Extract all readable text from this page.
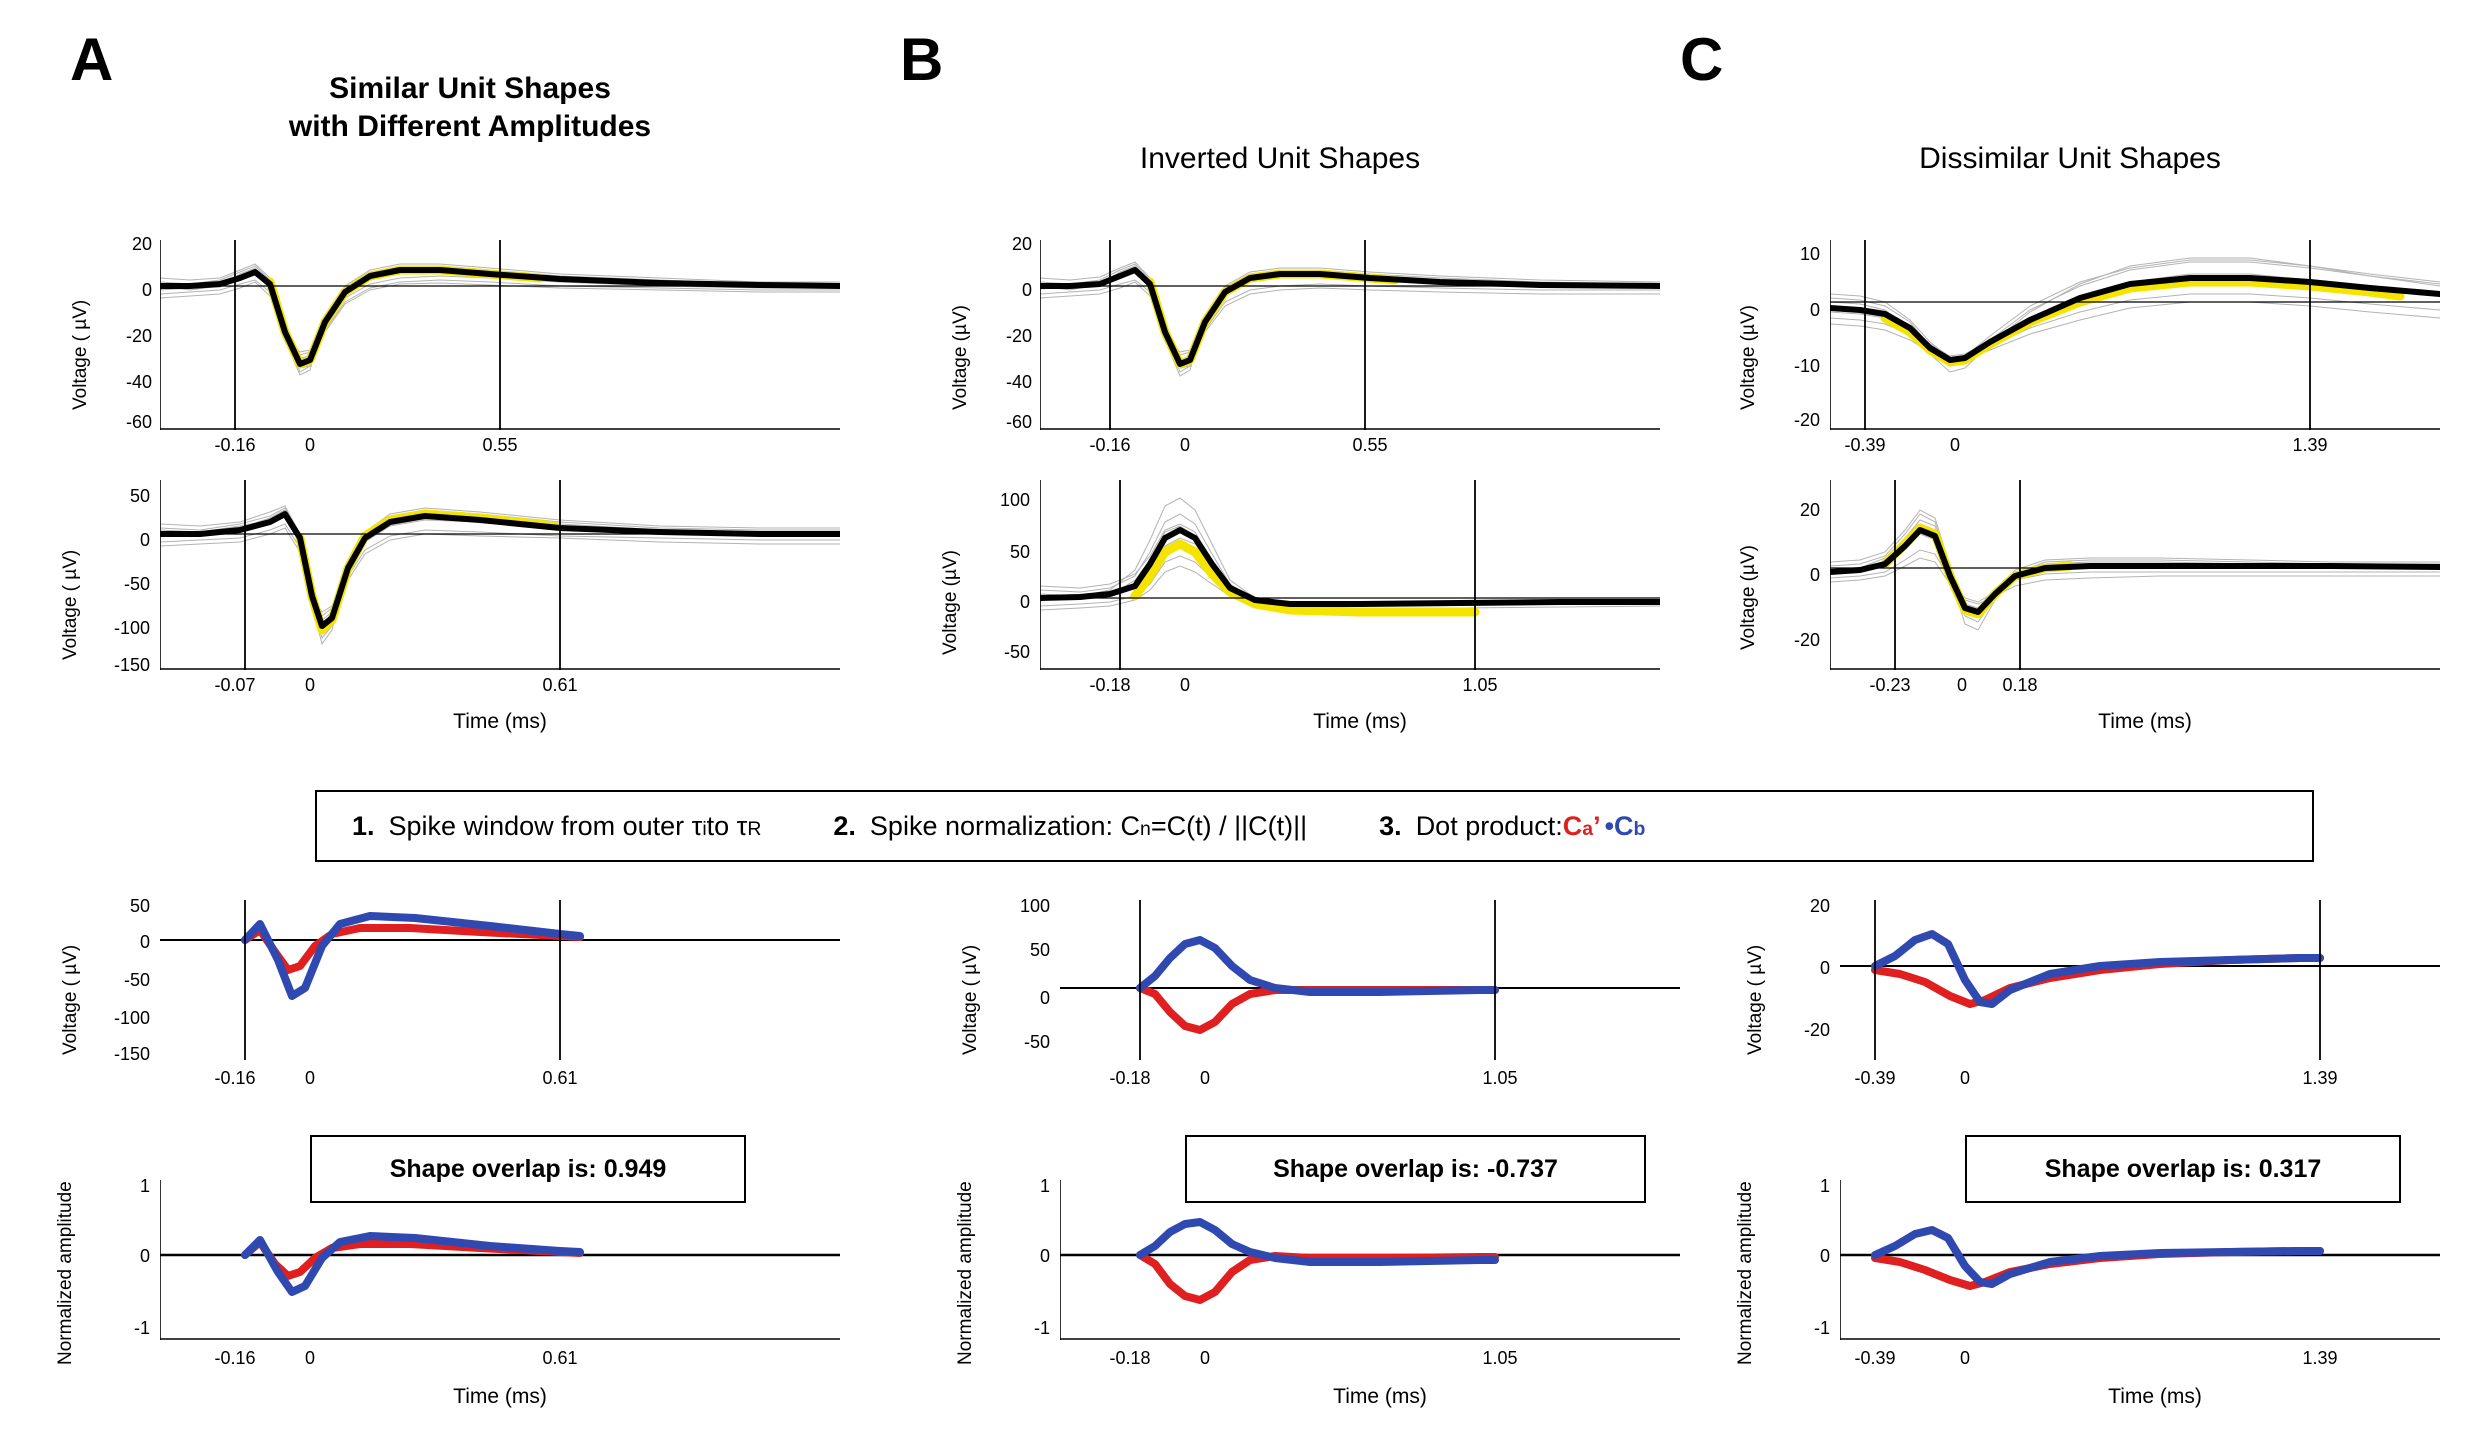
A	Similar Unit Shapes
with Different Amplitudes
Voltage ( µV)
20
0
-20
-40
-60
-0.16	0	0.55
Voltage ( µV)
50
0
-50
-100
-150
-0.07	0	0.61
Time (ms)
Voltage ( µV)
50
0
-50
-100
-150
-0.16	0	0.61
Normalized amplitude	1
0
-1
-0.16	0	0.61
Time (ms)
Shape overlap is: 0.949
B
Inverted Unit Shapes
Voltage (µV)
20
0
-20
-40
-60
-0.16	0	0.55
Voltage (µV)
100
50
0
-50
-0.18	0	1.05
Time (ms)
Voltage ( µV)
100
50
0
-50
-0.18	0	1.05
Normalized amplitude	1
0
-1
-0.18	0	1.05
Time (ms)
Shape overlap is: -0.737
C
Dissimilar Unit Shapes
Voltage (µV)
10
0
-10
-20
-0.39	0	1.39
Voltage (µV)
20
0
-20
-0.23	0	0.18
Time (ms)
Voltage ( µV)
20
0
-20
-0.39	0	1.39
Normalized amplitude	1
0
-1
-0.39	0	1.39
Time (ms)
Shape overlap is: 0.317
1. Spike window from outer τ i to τ R	2. Spike normalization: C n =C(t) / ||C(t)||	3. Dot product: C a ’ • C b
